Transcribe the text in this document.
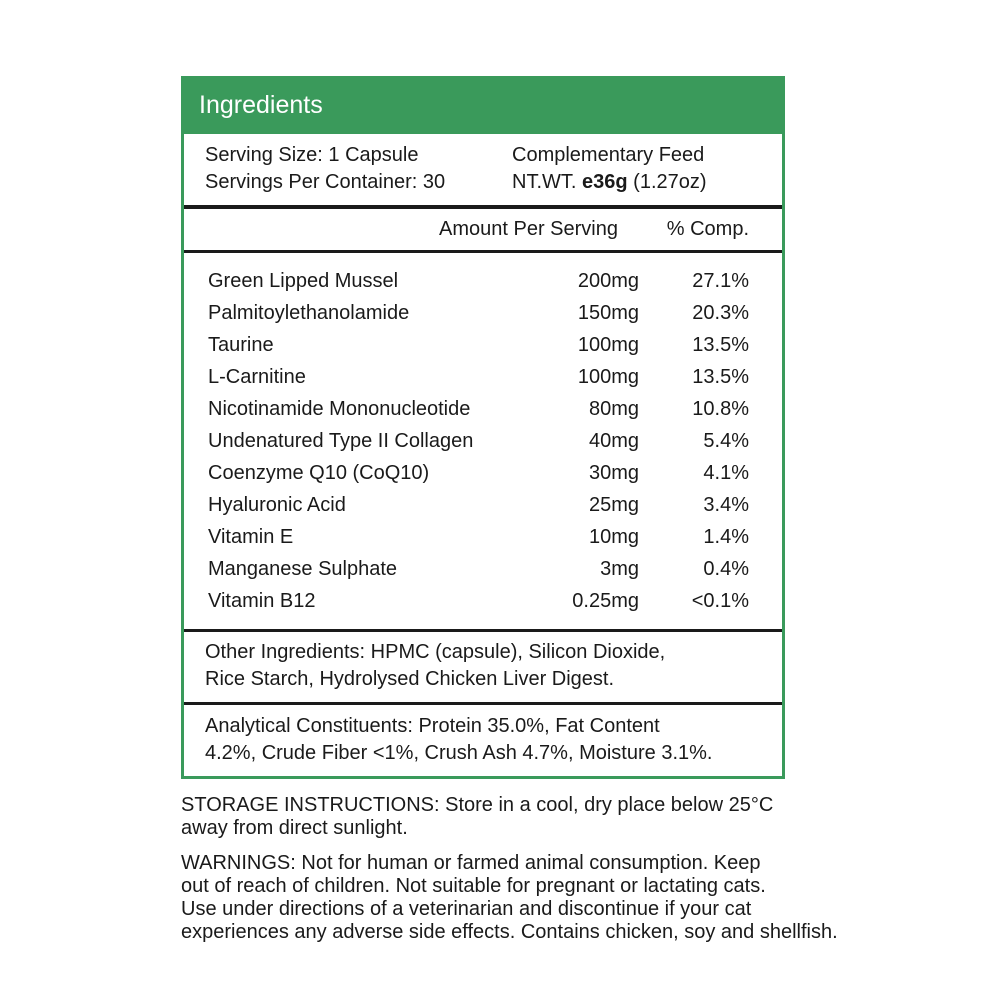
Ingredients
Serving Size: 1 Capsule
Servings Per Container: 30
Complementary Feed
NT.WT. e36g (1.27oz)
Amount Per Serving % Comp.
Green Lipped Mussel	200mg	27.1%
Palmitoylethanolamide	150mg	20.3%
Taurine	100mg	13.5%
L-Carnitine	100mg	13.5%
Nicotinamide Mononucleotide	80mg	10.8%
Undenatured Type II Collagen	40mg	5.4%
Coenzyme Q10 (CoQ10)	30mg	4.1%
Hyaluronic Acid	25mg	3.4%
Vitamin E	10mg	1.4%
Manganese Sulphate	3mg	0.4%
Vitamin B12	0.25mg	<0.1%
Other Ingredients: HPMC (capsule), Silicon Dioxide,
Rice Starch, Hydrolysed Chicken Liver Digest.
Analytical Constituents: Protein 35.0%, Fat Content
4.2%, Crude Fiber <1%, Crush Ash 4.7%, Moisture 3.1%.
STORAGE INSTRUCTIONS: Store in a cool, dry place below 25°C
away from direct sunlight.
WARNINGS: Not for human or farmed animal consumption. Keep
out of reach of children. Not suitable for pregnant or lactating cats.
Use under directions of a veterinarian and discontinue if your cat
experiences any adverse side effects. Contains chicken, soy and shellfish.
